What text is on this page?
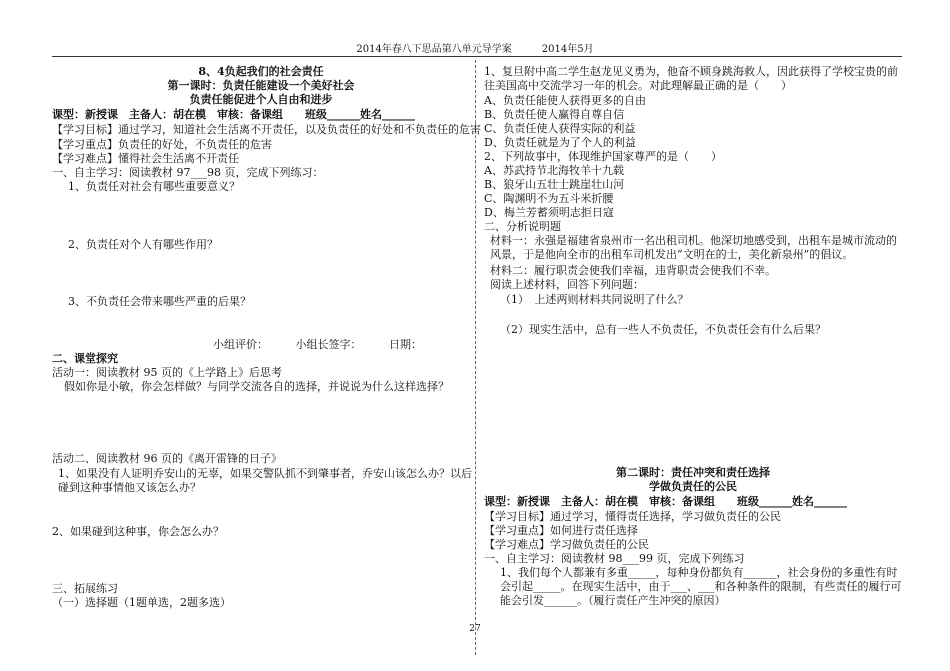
2014年春八下思品第八单元导学案　　　2014年5月
8、4负起我们的社会责任
第一课时：负责任能建设一个美好社会
负责任能促进个人自由和进步
课型：新授课　主备人：胡在模　审核：备课组　　班级______姓名______
【学习目标】通过学习，知道社会生活离不开责任，以及负责任的好处和不负责任的危害
【学习重点】负责任的好处，不负责任的危害
【学习难点】懂得社会生活离不开责任
一、自主学习：阅读教材 97___98 页，完成下列练习：
1、负责任对社会有哪些重要意义？
2、负责任对个人有哪些作用？
3、不负责任会带来哪些严重的后果？
小组评价：　　　小组长签字：　　　日期：
二、课堂探究
活动一：阅读教材 95 页的《上学路上》后思考
假如你是小敏，你会怎样做？与同学交流各自的选择，并说说为什么这样选择？
活动二、阅读教材 96 页的《离开雷锋的日子》
1、如果没有人证明乔安山的无辜，如果交警队抓不到肇事者，乔安山该怎么办？以后碰到这种事情他又该怎么办？
2、如果碰到这种事，你会怎么办？
三、拓展练习
（一）选择题（1题单选，2题多选）
1、复旦附中高二学生赵龙见义勇为，他奋不顾身跳海救人，因此获得了学校宝贵的前往美国高中交流学习一年的机会。对此理解最正确的是（　　）
A、负责任能使人获得更多的自由
B、负责任使人赢得自尊自信
C、负责任使人获得实际的利益
D、负责任就是为了个人的利益
2、下列故事中，体现维护国家尊严的是（　　）
A、苏武持节北海牧羊十九载
B、狼牙山五壮士跳崖壮山河
C、陶渊明不为五斗米折腰
D、梅兰芳蓄须明志拒日寇
二、分析说明题
材料一：永强是福建省泉州市一名出租司机。他深切地感受到，出租车是城市流动的风景，于是他向全市的出租车司机发出“文明在的士，美化新泉州”的倡议。
材料二：履行职责会使我们幸福，违背职责会使我们不幸。
阅读上述材料，回答下列问题：
（1）　上述两则材料共同说明了什么？
（2）现实生活中，总有一些人不负责任，不负责任会有什么后果？
第二课时：责任冲突和责任选择
学做负责任的公民
课型：新授课　主备人：胡在模　审核：备课组　　班级______姓名______
【学习目标】通过学习，懂得责任选择，学习做负责任的公民
【学习重点】如何进行责任选择
【学习难点】学习做负责任的公民
一、自主学习：阅读教材 98___99 页，完成下列练习
1、我们每个人都兼有多重_____，每种身份都负有______，社会身份的多重性有时会引起_____。在现实生活中，由于___、___和各种条件的限制，有些责任的履行可能会引发______。（履行责任产生冲突的原因）
27
